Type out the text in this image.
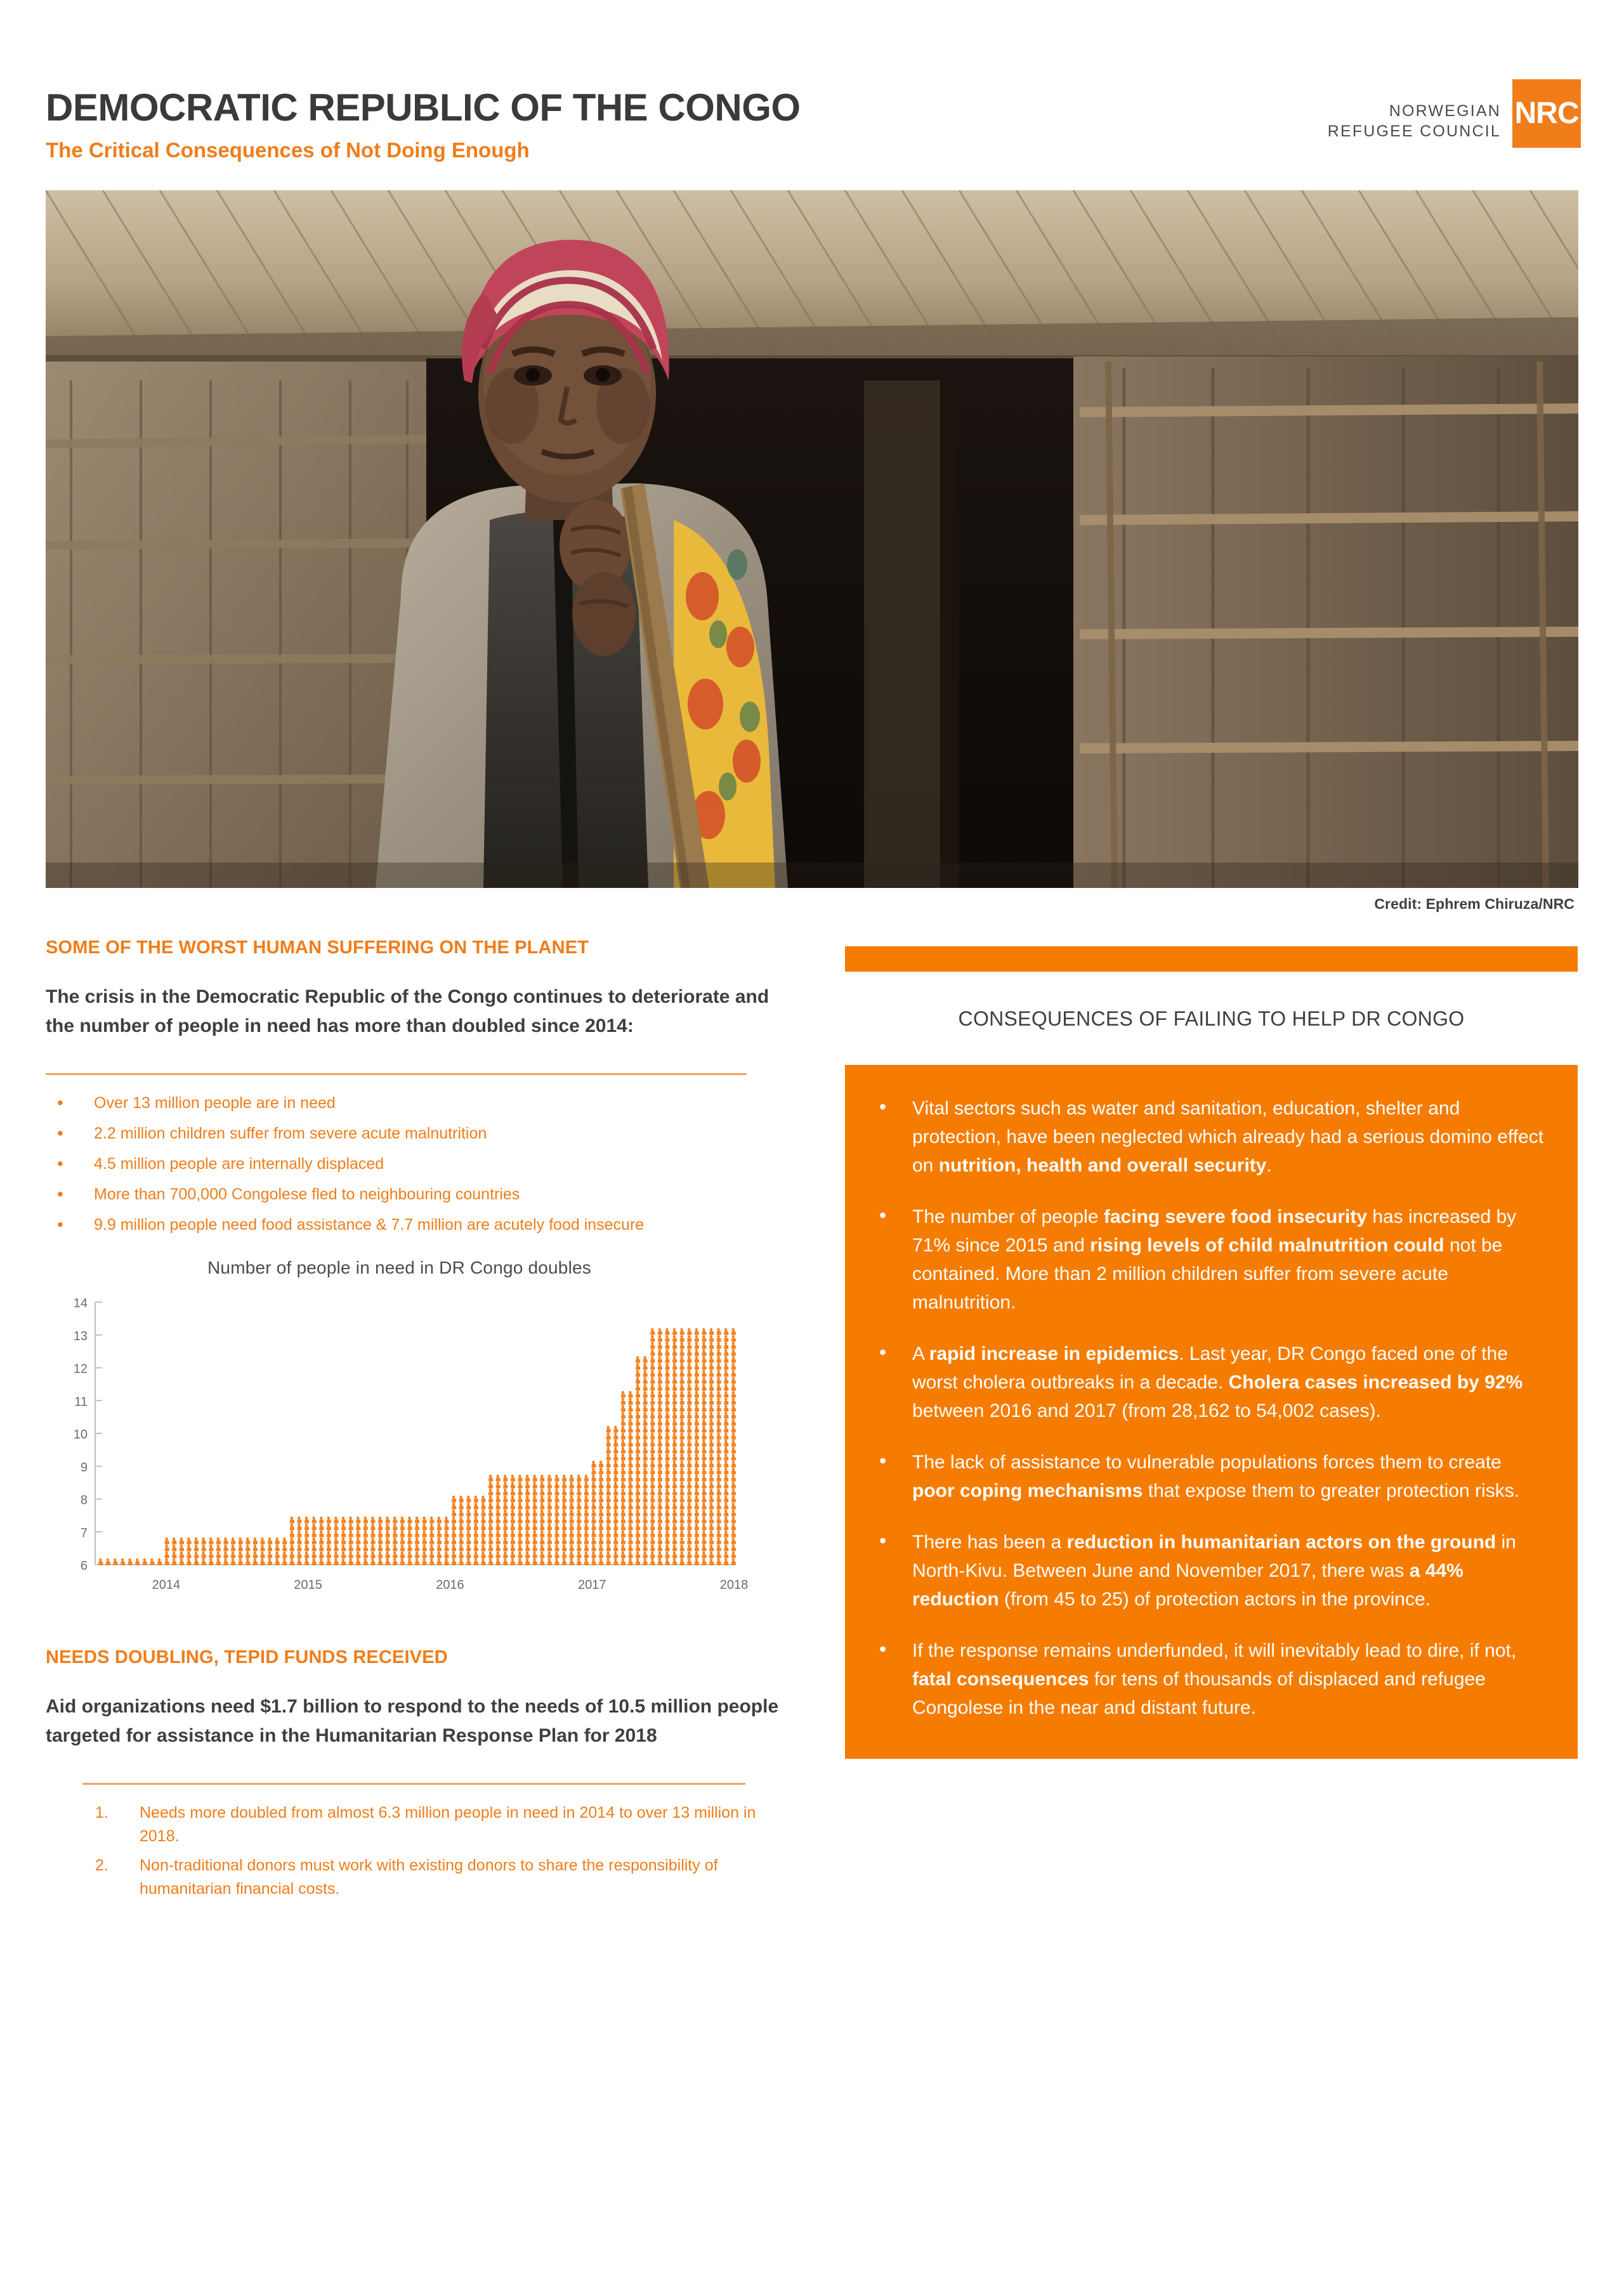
DEMOCRATIC REPUBLIC OF THE CONGO
The Critical Consequences of Not Doing Enough
NORWEGIAN
REFUGEE COUNCIL
NRC
Credit: Ephrem Chiruza/NRC
SOME OF THE WORST HUMAN SUFFERING ON THE PLANET
The crisis in the Democratic Republic of the Congo continues to deteriorate and the number of people in need has more than doubled since 2014:
• Over 13 million people are in need
• 2.2 million children suffer from severe acute malnutrition
• 4.5 million people are internally displaced
• More than 700,000 Congolese fled to neighbouring countries
• 9.9 million people need food assistance & 7.7 million are acutely food insecure
Number of people in need in DR Congo doubles
6
7
8
9
10
11
12
13
14
2014	2015	2016	2017	2018
NEEDS DOUBLING, TEPID FUNDS RECEIVED
Aid organizations need $1.7 billion to respond to the needs of 10.5 million people targeted for assistance in the Humanitarian Response Plan for 2018
Needs more doubled from almost 6.3 million people in need in 2014 to over 13 million in 2018.
Non-traditional donors must work with existing donors to share the responsibility of humanitarian financial costs.
CONSEQUENCES OF FAILING TO HELP DR CONGO
• Vital sectors such as water and sanitation, education, shelter and protection, have been neglected which already had a serious domino effect on nutrition, health and overall security.
• The number of people facing severe food insecurity has increased by 71% since 2015 and rising levels of child malnutrition could not be contained. More than 2 million children suffer from severe acute malnutrition.
• A rapid increase in epidemics. Last year, DR Congo faced one of the worst cholera outbreaks in a decade. Cholera cases increased by 92% between 2016 and 2017 (from 28,162 to 54,002 cases).
• The lack of assistance to vulnerable populations forces them to create poor coping mechanisms that expose them to greater protection risks.
• There has been a reduction in humanitarian actors on the ground in North-Kivu. Between June and November 2017, there was a 44% reduction (from 45 to 25) of protection actors in the province.
• If the response remains underfunded, it will inevitably lead to dire, if not, fatal consequences for tens of thousands of displaced and refugee Congolese in the near and distant future.
